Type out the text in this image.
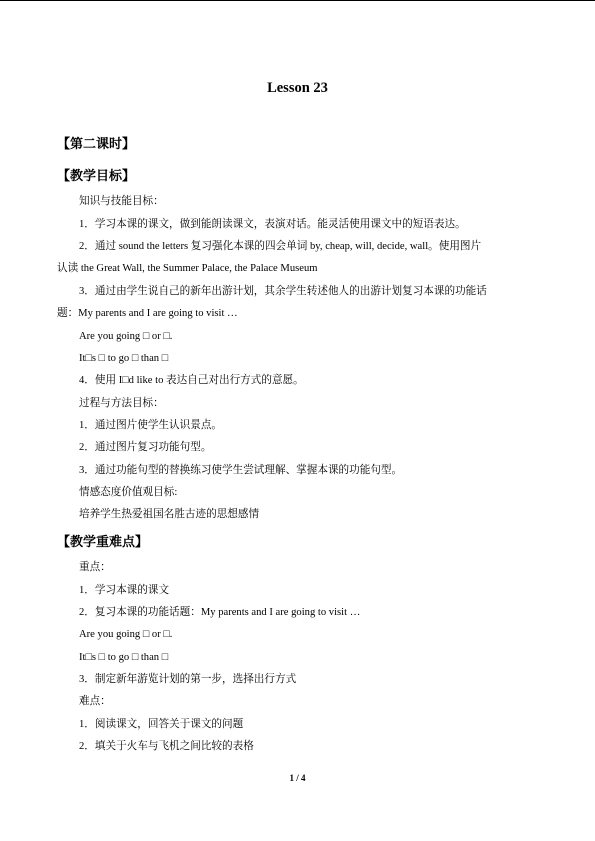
Lesson 23
【第二课时】
【教学目标】
知识与技能目标：
1．学习本课的课文，做到能朗读课文，表演对话。能灵活使用课文中的短语表达。
2．通过 sound the letters 复习强化本课的四会单词 by, cheap, will, decide, wall。使用图片
认读 the Great Wall, the Summer Palace, the Palace Museum
3．通过由学生说自己的新年出游计划，其余学生转述他人的出游计划复习本课的功能话
题：My parents and I are going to visit …
Are you going □ or □.
It□s □ to go □ than □
4．使用 I□d like to 表达自己对出行方式的意愿。
过程与方法目标：
1．通过图片使学生认识景点。
2．通过图片复习功能句型。
3．通过功能句型的替换练习使学生尝试理解、掌握本课的功能句型。
情感态度价值观目标:
培养学生热爱祖国名胜古迹的思想感情
【教学重难点】
重点：
1．学习本课的课文
2．复习本课的功能话题：My parents and I are going to visit …
Are you going □ or □.
It□s □ to go □ than □
3．制定新年游览计划的第一步，选择出行方式
难点：
1．阅读课文，回答关于课文的问题
2．填关于火车与飞机之间比较的表格
1 / 4
